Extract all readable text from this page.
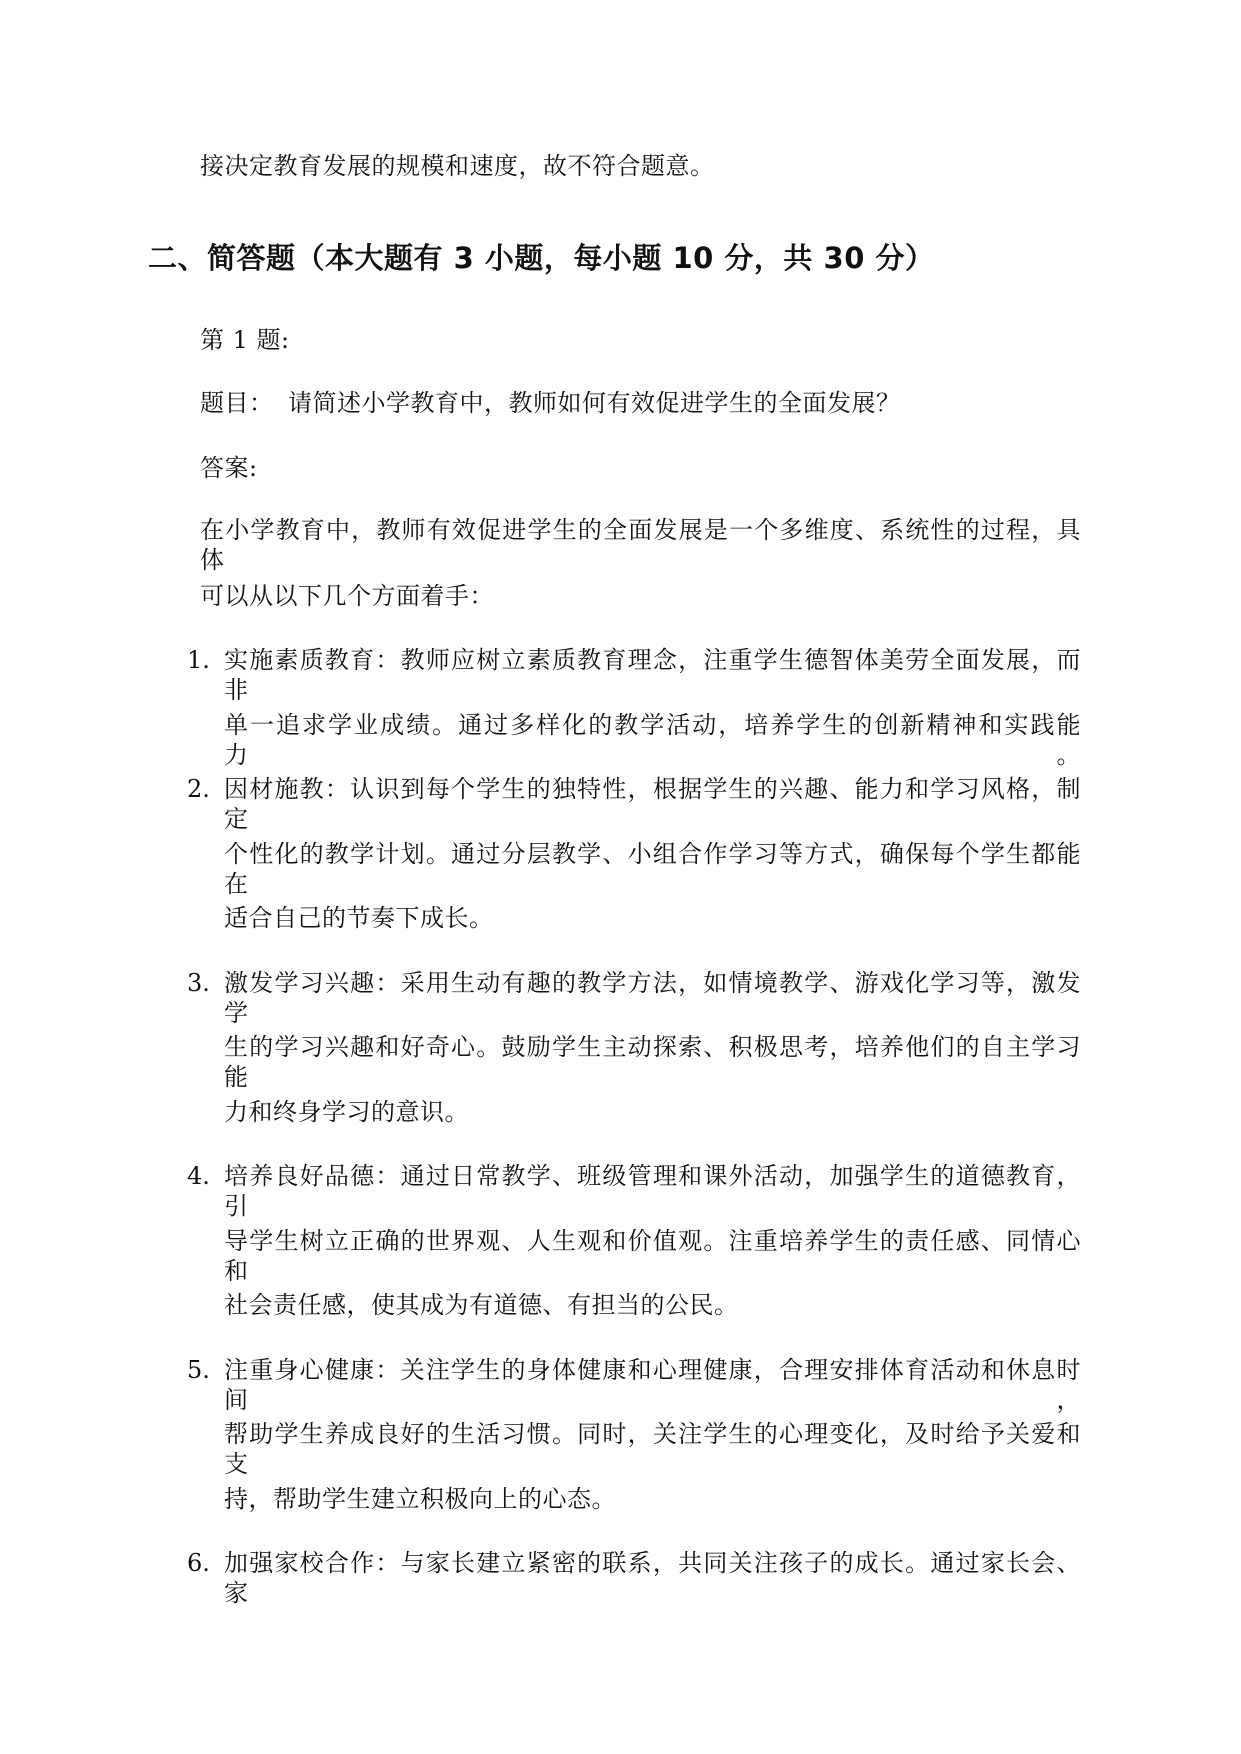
接决定教育发展的规模和速度，故不符合题意。
二、简答题（本大题有 3 小题，每小题 10 分，共 30 分）
第 1 题:
题目： 请简述小学教育中，教师如何有效促进学生的全面发展？
答案:
在小学教育中，教师有效促进学生的全面发展是一个多维度、系统性的过程，具体
可以从以下几个方面着手：
1. 实施素质教育：教师应树立素质教育理念，注重学生德智体美劳全面发展，而非
单一追求学业成绩。通过多样化的教学活动，培养学生的创新精神和实践能力。
2. 因材施教：认识到每个学生的独特性，根据学生的兴趣、能力和学习风格，制定
个性化的教学计划。通过分层教学、小组合作学习等方式，确保每个学生都能在
适合自己的节奏下成长。
3. 激发学习兴趣：采用生动有趣的教学方法，如情境教学、游戏化学习等，激发学
生的学习兴趣和好奇心。鼓励学生主动探索、积极思考，培养他们的自主学习能
力和终身学习的意识。
4. 培养良好品德：通过日常教学、班级管理和课外活动，加强学生的道德教育，引
导学生树立正确的世界观、人生观和价值观。注重培养学生的责任感、同情心和
社会责任感，使其成为有道德、有担当的公民。
5. 注重身心健康：关注学生的身体健康和心理健康，合理安排体育活动和休息时间，
帮助学生养成良好的生活习惯。同时，关注学生的心理变化，及时给予关爱和支
持，帮助学生建立积极向上的心态。
6. 加强家校合作：与家长建立紧密的联系，共同关注孩子的成长。通过家长会、家
